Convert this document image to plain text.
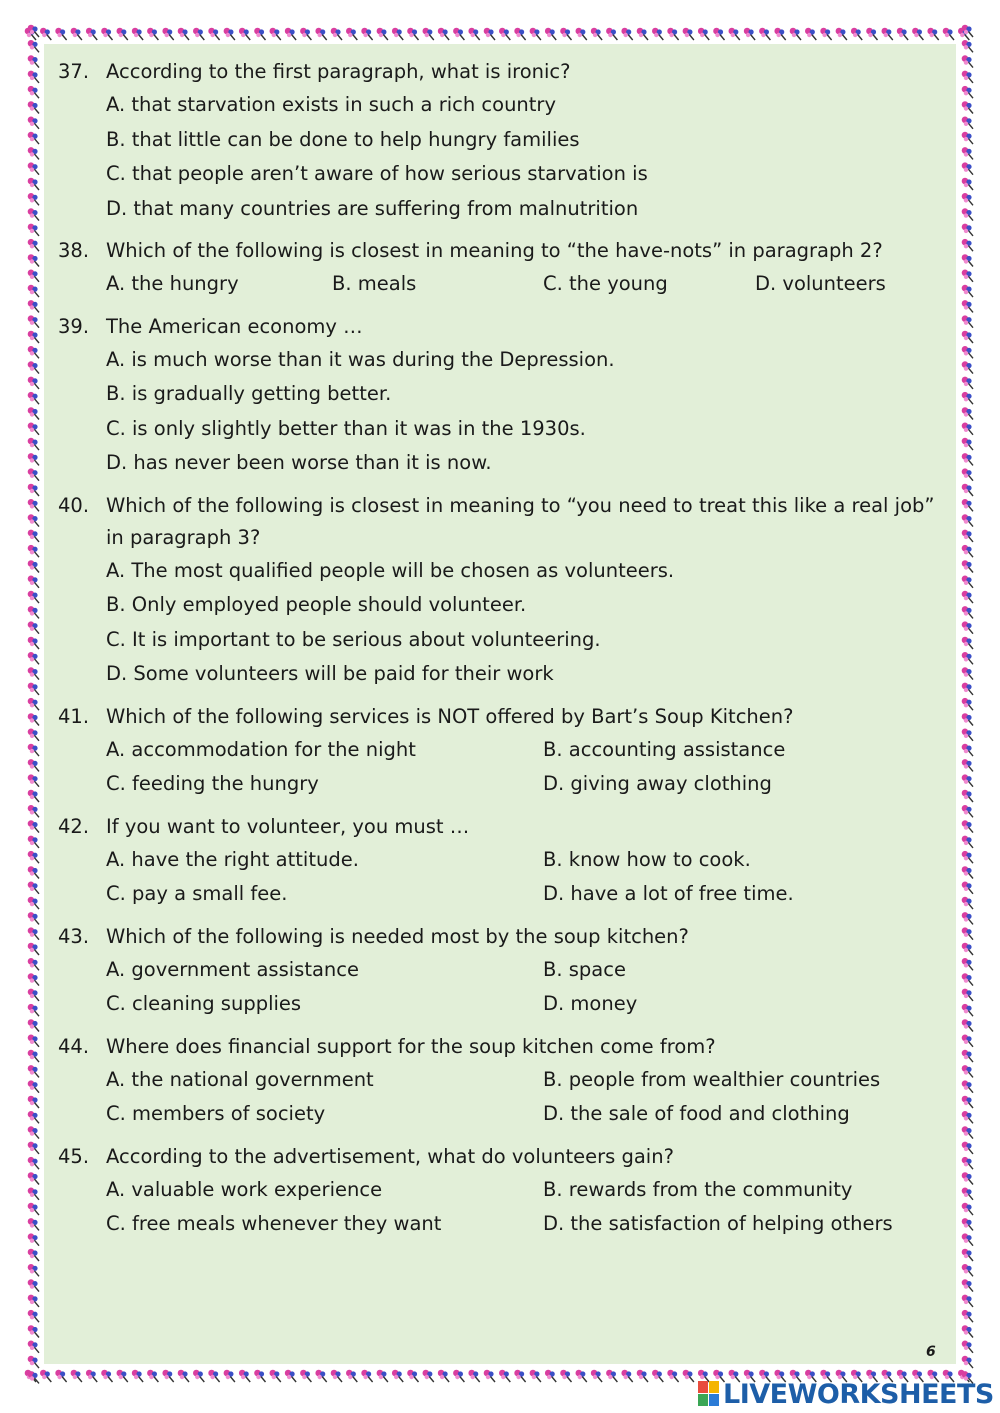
37. According to the first paragraph, what is ironic?
A. that starvation exists in such a rich country
B. that little can be done to help hungry families
C. that people aren’t aware of how serious starvation is
D. that many countries are suffering from malnutrition
38. Which of the following is closest in meaning to “the have-nots” in paragraph 2?
A. the hungry	B. meals	C. the young	D. volunteers
39. The American economy …
A. is much worse than it was during the Depression.
B. is gradually getting better.
C. is only slightly better than it was in the 1930s.
D. has never been worse than it is now.
40. Which of the following is closest in meaning to “you need to treat this like a real job” in paragraph 3?
A. The most qualified people will be chosen as volunteers.
B. Only employed people should volunteer.
C. It is important to be serious about volunteering.
D. Some volunteers will be paid for their work
41. Which of the following services is NOT offered by Bart’s Soup Kitchen?
A. accommodation for the night	B. accounting assistance
C. feeding the hungry	D. giving away clothing
42. If you want to volunteer, you must …
A. have the right attitude.	B. know how to cook.
C. pay a small fee.	D. have a lot of free time.
43. Which of the following is needed most by the soup kitchen?
A. government assistance	B. space
C. cleaning supplies	D. money
44. Where does financial support for the soup kitchen come from?
A. the national government	B. people from wealthier countries
C. members of society	D. the sale of food and clothing
45. According to the advertisement, what do volunteers gain?
A. valuable work experience	B. rewards from the community
C. free meals whenever they want	D. the satisfaction of helping others
6
LIVEWORKSHEETS
